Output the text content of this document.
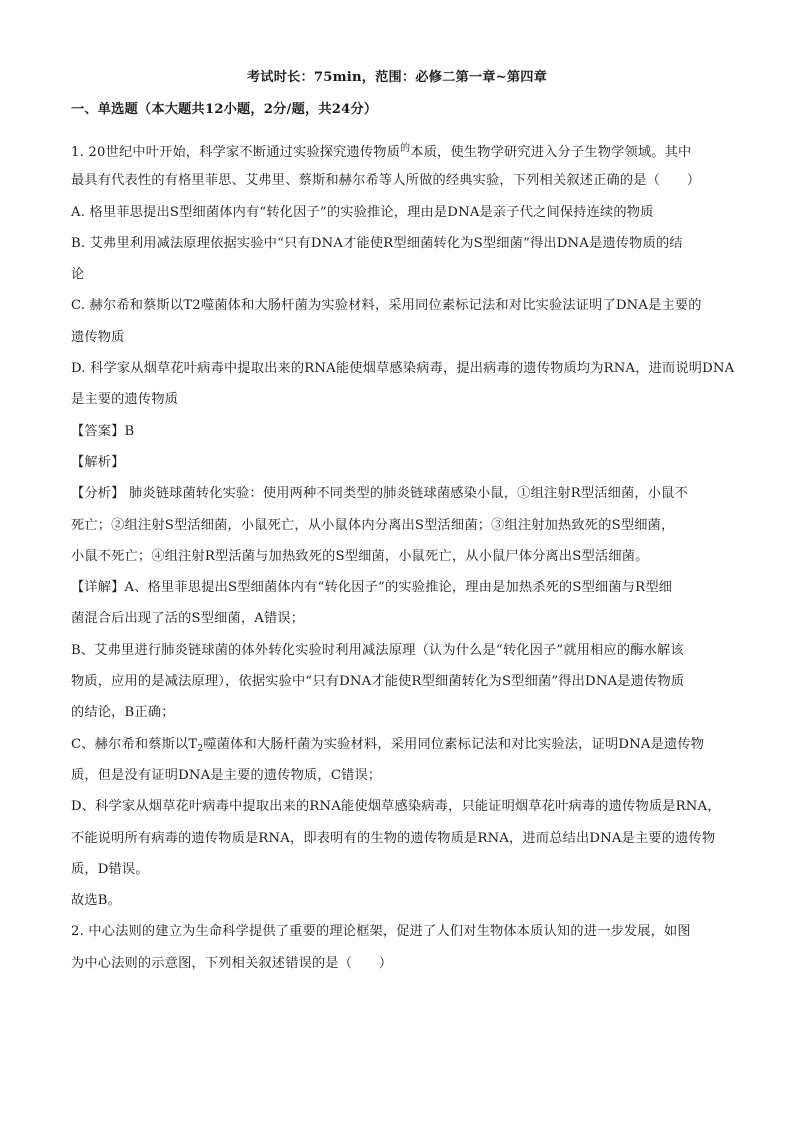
考试时长：75min，范围：必修二第一章~第四章
一、单选题（本大题共12小题，2分/题，共24分）
1. 20世纪中叶开始，科学家不断通过实验探究遗传物质$^的$本质，使生物学研究进入分子生物学领域。其中
最具有代表性的有格里菲思、艾弗里、蔡斯和赫尔希等人所做的经典实验，下列相关叙述正确的是（　　）
A. 格里菲思提出S型细菌体内有“转化因子”的实验推论，理由是DNA是亲子代之间保持连续的物质
B. 艾弗里利用减法原理依据实验中“只有DNA才能使R型细菌转化为S型细菌”得出DNA是遗传物质的结
论
C. 赫尔希和蔡斯以T2噬菌体和大肠杆菌为实验材料，采用同位素标记法和对比实验法证明了DNA是主要的
遗传物质
D. 科学家从烟草花叶病毒中提取出来的RNA能使烟草感染病毒，提出病毒的遗传物质均为RNA，进而说明DNA
是主要的遗传物质
【答案】B
【解析】
【分析】 肺炎链球菌转化实验：使用两种不同类型的肺炎链球菌感染小鼠，①组注射R型活细菌，小鼠不
死亡；②组注射S型活细菌，小鼠死亡，从小鼠体内分离出S型活细菌；③组注射加热致死的S型细菌，
小鼠不死亡；④组注射R型活菌与加热致死的S型细菌，小鼠死亡，从小鼠尸体分离出S型活细菌。
【详解】A、格里菲思提出S型细菌体内有“转化因子”的实验推论，理由是加热杀死的S型细菌与R型细
菌混合后出现了活的S型细菌，A错误；
B、艾弗里进行肺炎链球菌的体外转化实验时利用减法原理（认为什么是“转化因子”就用相应的酶水解该
物质，应用的是减法原理），依据实验中“只有DNA才能使R型细菌转化为S型细菌”得出DNA是遗传物质
的结论，B正确；
C、赫尔希和蔡斯以$T_2$噬菌体和大肠杆菌为实验材料，采用同位素标记法和对比实验法，证明DNA是遗传物
质，但是没有证明DNA是主要的遗传物质，C错误；
D、科学家从烟草花叶病毒中提取出来的RNA能使烟草感染病毒，只能证明烟草花叶病毒的遗传物质是RNA，
不能说明所有病毒的遗传物质是RNA，即表明有的生物的遗传物质是RNA，进而总结出DNA是主要的遗传物
质，D错误。
故选B。
2. 中心法则的建立为生命科学提供了重要的理论框架，促进了人们对生物体本质认知的进一步发展，如图
为中心法则的示意图，下列相关叙述错误的是（　　）
